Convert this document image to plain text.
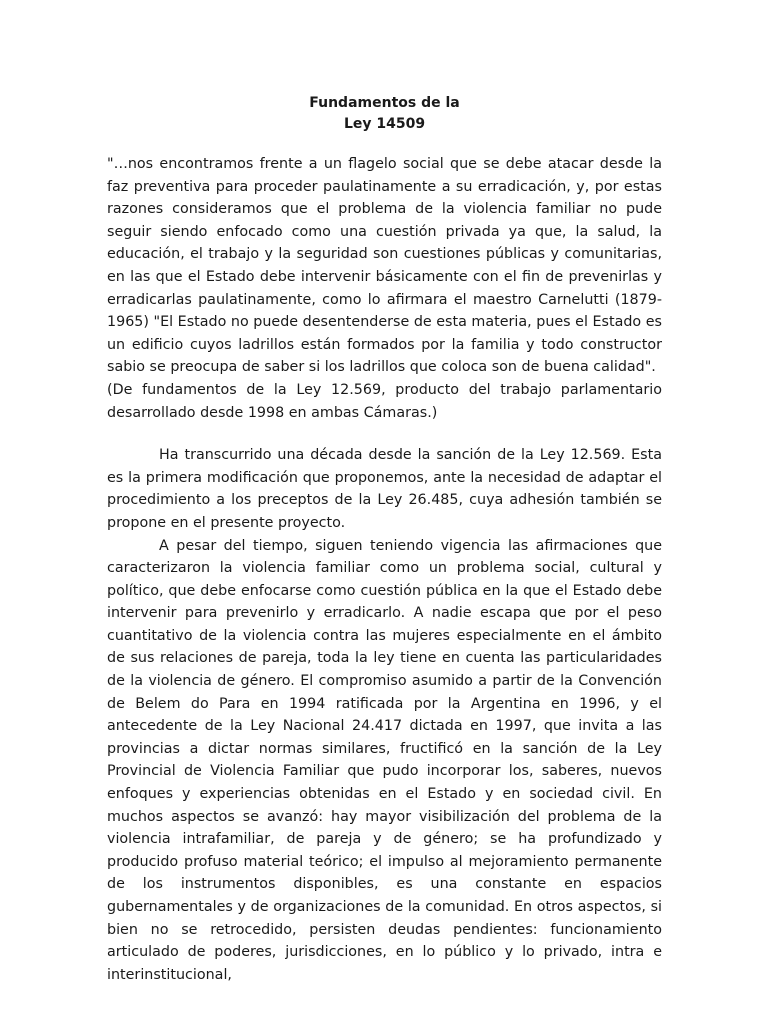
Fundamentos de la
Ley 14509

"…nos encontramos frente a un flagelo social que se debe atacar desde la faz preventiva para proceder paulatinamente a su erradicación, y, por estas razones consideramos que el problema de la violencia familiar no pude seguir siendo enfocado como una cuestión privada ya que, la salud, la educación, el trabajo y la seguridad son cuestiones públicas y comunitarias, en las que el Estado debe intervenir básicamente con el fin de prevenirlas y erradicarlas paulatinamente, como lo afirmara el maestro Carnelutti (1879-1965) "El Estado no puede desentenderse de esta materia, pues el Estado es un edificio cuyos ladrillos están formados por la familia y todo constructor sabio se preocupa de saber si los ladrillos que coloca son de buena calidad".

(De fundamentos de la Ley 12.569, producto del trabajo parlamentario desarrollado desde 1998 en ambas Cámaras.)

Ha transcurrido una década desde la sanción de la Ley 12.569. Esta es la primera modificación que proponemos, ante la necesidad de adaptar el procedimiento a los preceptos de la Ley 26.485, cuya adhesión también se propone en el presente proyecto.

A pesar del tiempo, siguen teniendo vigencia las afirmaciones que caracterizaron la violencia familiar como un problema social, cultural y político, que debe enfocarse como cuestión pública en la que el Estado debe intervenir para prevenirlo y erradicarlo. A nadie escapa que por el peso cuantitativo de la violencia contra las mujeres especialmente en el ámbito de sus relaciones de pareja, toda la ley tiene en cuenta las particularidades de la violencia de género. El compromiso asumido a partir de la Convención de Belem do Para en 1994 ratificada por la Argentina en 1996, y el antecedente de la Ley Nacional 24.417 dictada en 1997, que invita a las provincias a dictar normas similares, fructificó en la sanción de la Ley Provincial de Violencia Familiar que pudo incorporar los, saberes, nuevos enfoques y experiencias obtenidas en el Estado y en sociedad civil. En muchos aspectos se avanzó: hay mayor visibilización del problema de la violencia intrafamiliar, de pareja y de género; se ha profundizado y producido profuso material teórico; el impulso al mejoramiento permanente de los instrumentos disponibles, es una constante en espacios gubernamentales y de organizaciones de la comunidad. En otros aspectos, si bien no se retrocedido, persisten deudas pendientes: funcionamiento articulado de poderes, jurisdicciones, en lo público y lo privado, intra e interinstitucional,
